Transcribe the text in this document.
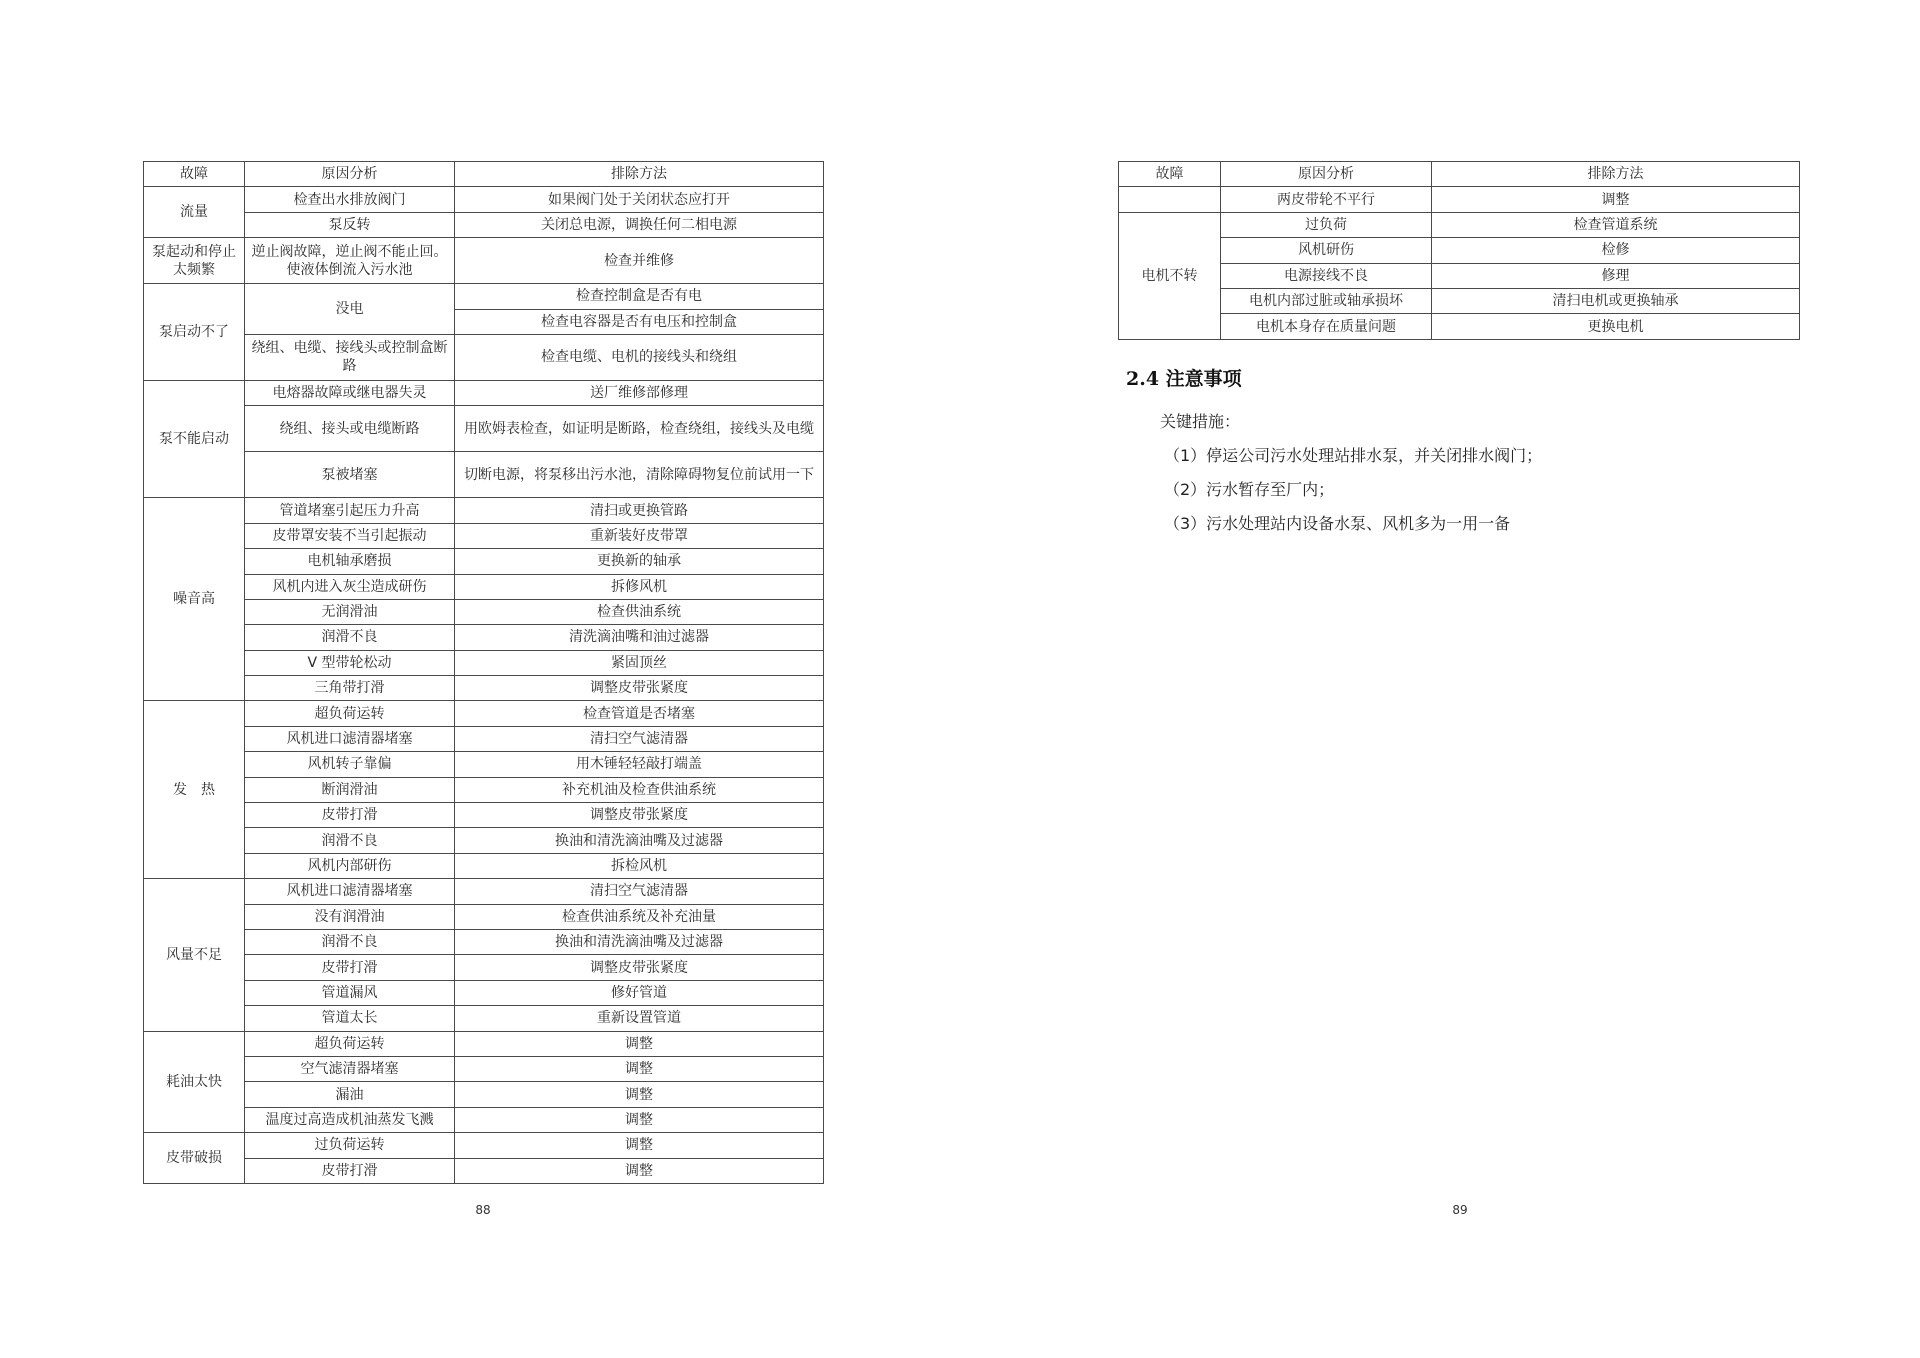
故障	原因分析	排除方法
流量	检查出水排放阀门	如果阀门处于关闭状态应打开
	泵反转	关闭总电源，调换任何二相电源
泵起动和停止太频繁	逆止阀故障，逆止阀不能止回。使液体倒流入污水池	检查并维修
泵启动不了	没电	检查控制盒是否有电
		检查电容器是否有电压和控制盒
	绕组、电缆、接线头或控制盒断路	检查电缆、电机的接线头和绕组
泵不能启动	电熔器故障或继电器失灵	送厂维修部修理
	绕组、接头或电缆断路	用欧姆表检查，如证明是断路，检查绕组，接线头及电缆
	泵被堵塞	切断电源，将泵移出污水池，清除障碍物复位前试用一下
噪音高	管道堵塞引起压力升高	清扫或更换管路
	皮带罩安装不当引起振动	重新装好皮带罩
	电机轴承磨损	更换新的轴承
	风机内进入灰尘造成研伤	拆修风机
	无润滑油	检查供油系统
	润滑不良	清洗滴油嘴和油过滤器
	V 型带轮松动	紧固顶丝
	三角带打滑	调整皮带张紧度
发　热	超负荷运转	检查管道是否堵塞
	风机进口滤清器堵塞	清扫空气滤清器
	风机转子靠偏	用木锤轻轻敲打端盖
	断润滑油	补充机油及检查供油系统
	皮带打滑	调整皮带张紧度
	润滑不良	换油和清洗滴油嘴及过滤器
	风机内部研伤	拆检风机
风量不足	风机进口滤清器堵塞	清扫空气滤清器
	没有润滑油	检查供油系统及补充油量
	润滑不良	换油和清洗滴油嘴及过滤器
	皮带打滑	调整皮带张紧度
	管道漏风	修好管道
	管道太长	重新设置管道
耗油太快	超负荷运转	调整
	空气滤清器堵塞	调整
	漏油	调整
	温度过高造成机油蒸发飞溅	调整
皮带破损	过负荷运转	调整
	皮带打滑	调整
88
故障	原因分析	排除方法
	两皮带轮不平行	调整
电机不转	过负荷	检查管道系统
	风机研伤	检修
	电源接线不良	修理
	电机内部过脏或轴承损坏	清扫电机或更换轴承
	电机本身存在质量问题	更换电机
2.4 注意事项

关键措施：

（1）停运公司污水处理站排水泵，并关闭排水阀门；

（2）污水暂存至厂内；

（3）污水处理站内设备水泵、风机多为一用一备

89
